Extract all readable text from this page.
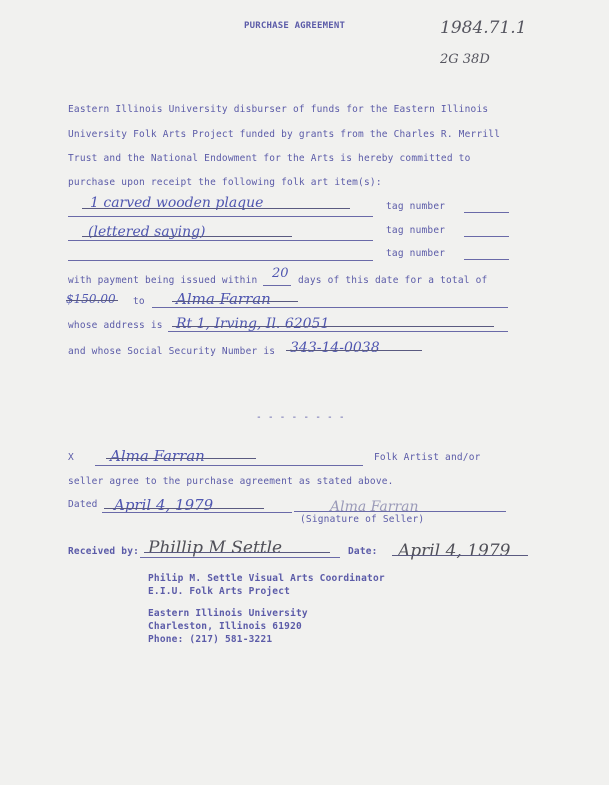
PURCHASE AGREEMENT	1984.71.1
2G 38D
Eastern Illinois University disburser of funds for the Eastern Illinois
University Folk Arts Project funded by grants from the Charles R. Merrill
Trust and the National Endowment for the Arts is hereby committed to
purchase upon receipt the following folk art item(s):
1 carved wooden plaque	tag number
(lettered saying)	tag number
tag number
with payment being issued within 20 days of this date for a total of
$150.00 to Alma Farran
whose address is Rt 1, Irving, Il. 62051
and whose Social Security Number is 343-14-0038
- - - - - - - -
X Alma Farran	Folk Artist and/or
seller agree to the purchase agreement as stated above.
Dated April 4, 1979	Alma Farran
(Signature of Seller)
Received by: Phillip M Settle	Date: April 4, 1979
Philip M. Settle Visual Arts Coordinator
E.I.U. Folk Arts Project
Eastern Illinois University
Charleston, Illinois 61920
Phone: (217) 581-3221
